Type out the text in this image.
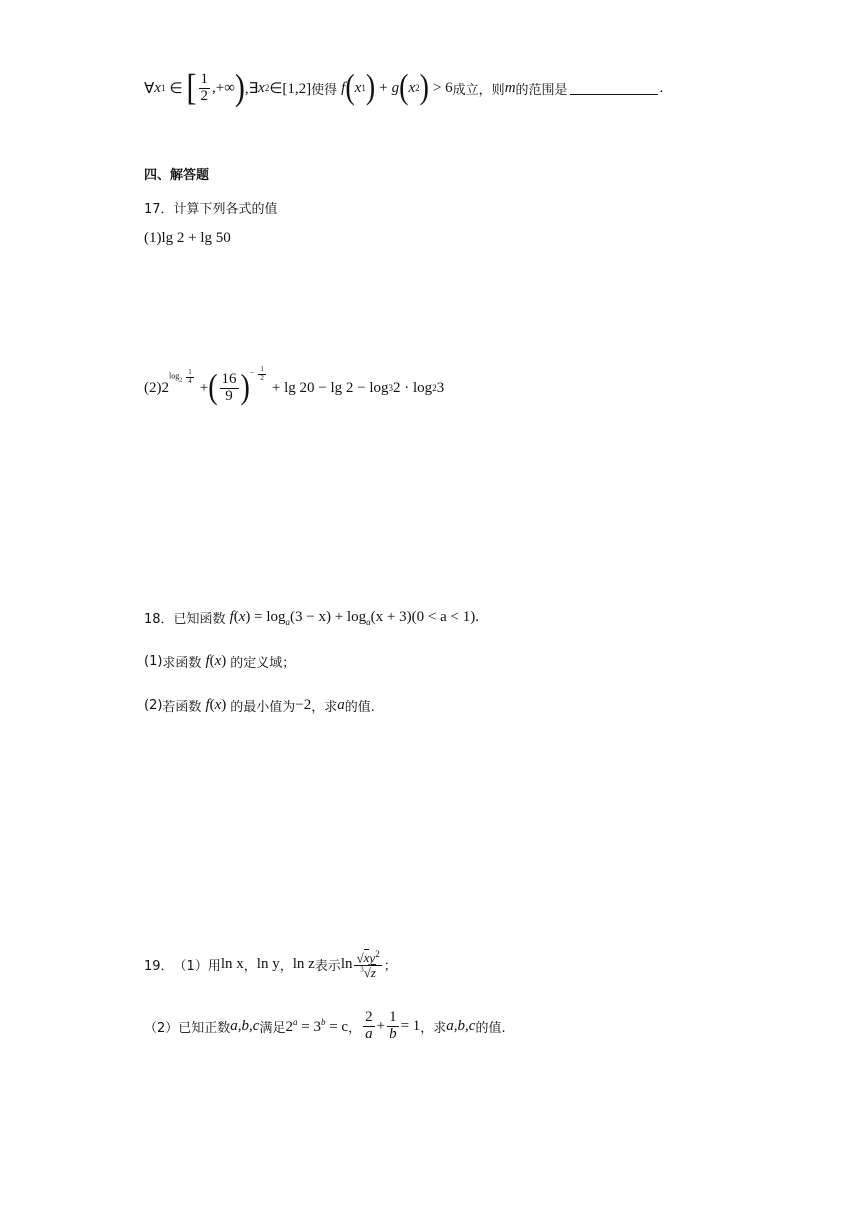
∀ x 1 ∈ [ $\frac{1}{2}$ ,+∞ ) ,∃ x 2 ∈[1,2] 使得 f ( x 1 ) + g ( x 2 ) > 6 成立，则 m 的范围是	.
四、解答题
17． 计算下列各式的值
(1) lg 2 + lg 50
(2) 2
$\log_2 \frac{1}{4}$
+ ( $\frac{16}{9}$ ) − $\frac{1}{2}$
+ lg 20 − lg 2 − log 3 2 · log 2 3
18． 已知函数 $f(x) = \log_a(3 - x) + \log_a(x + 3)(0 < a < 1)$.
(1) 求函数 f(x) 的定义域；
(2) 若函数 f(x) 的最小值为 −2 ，求 a 的值.
19． （1） 用 ln x ， ln y ， ln z 表示 $\ln \frac{√xy^2}{^3√z}$ ；
（2） 已知正数 a,b,c 满足 $2^a = 3^b = c$ ， $\frac{2}{a} + \frac{1}{b} = 1$ ，求 a,b,c 的值.
